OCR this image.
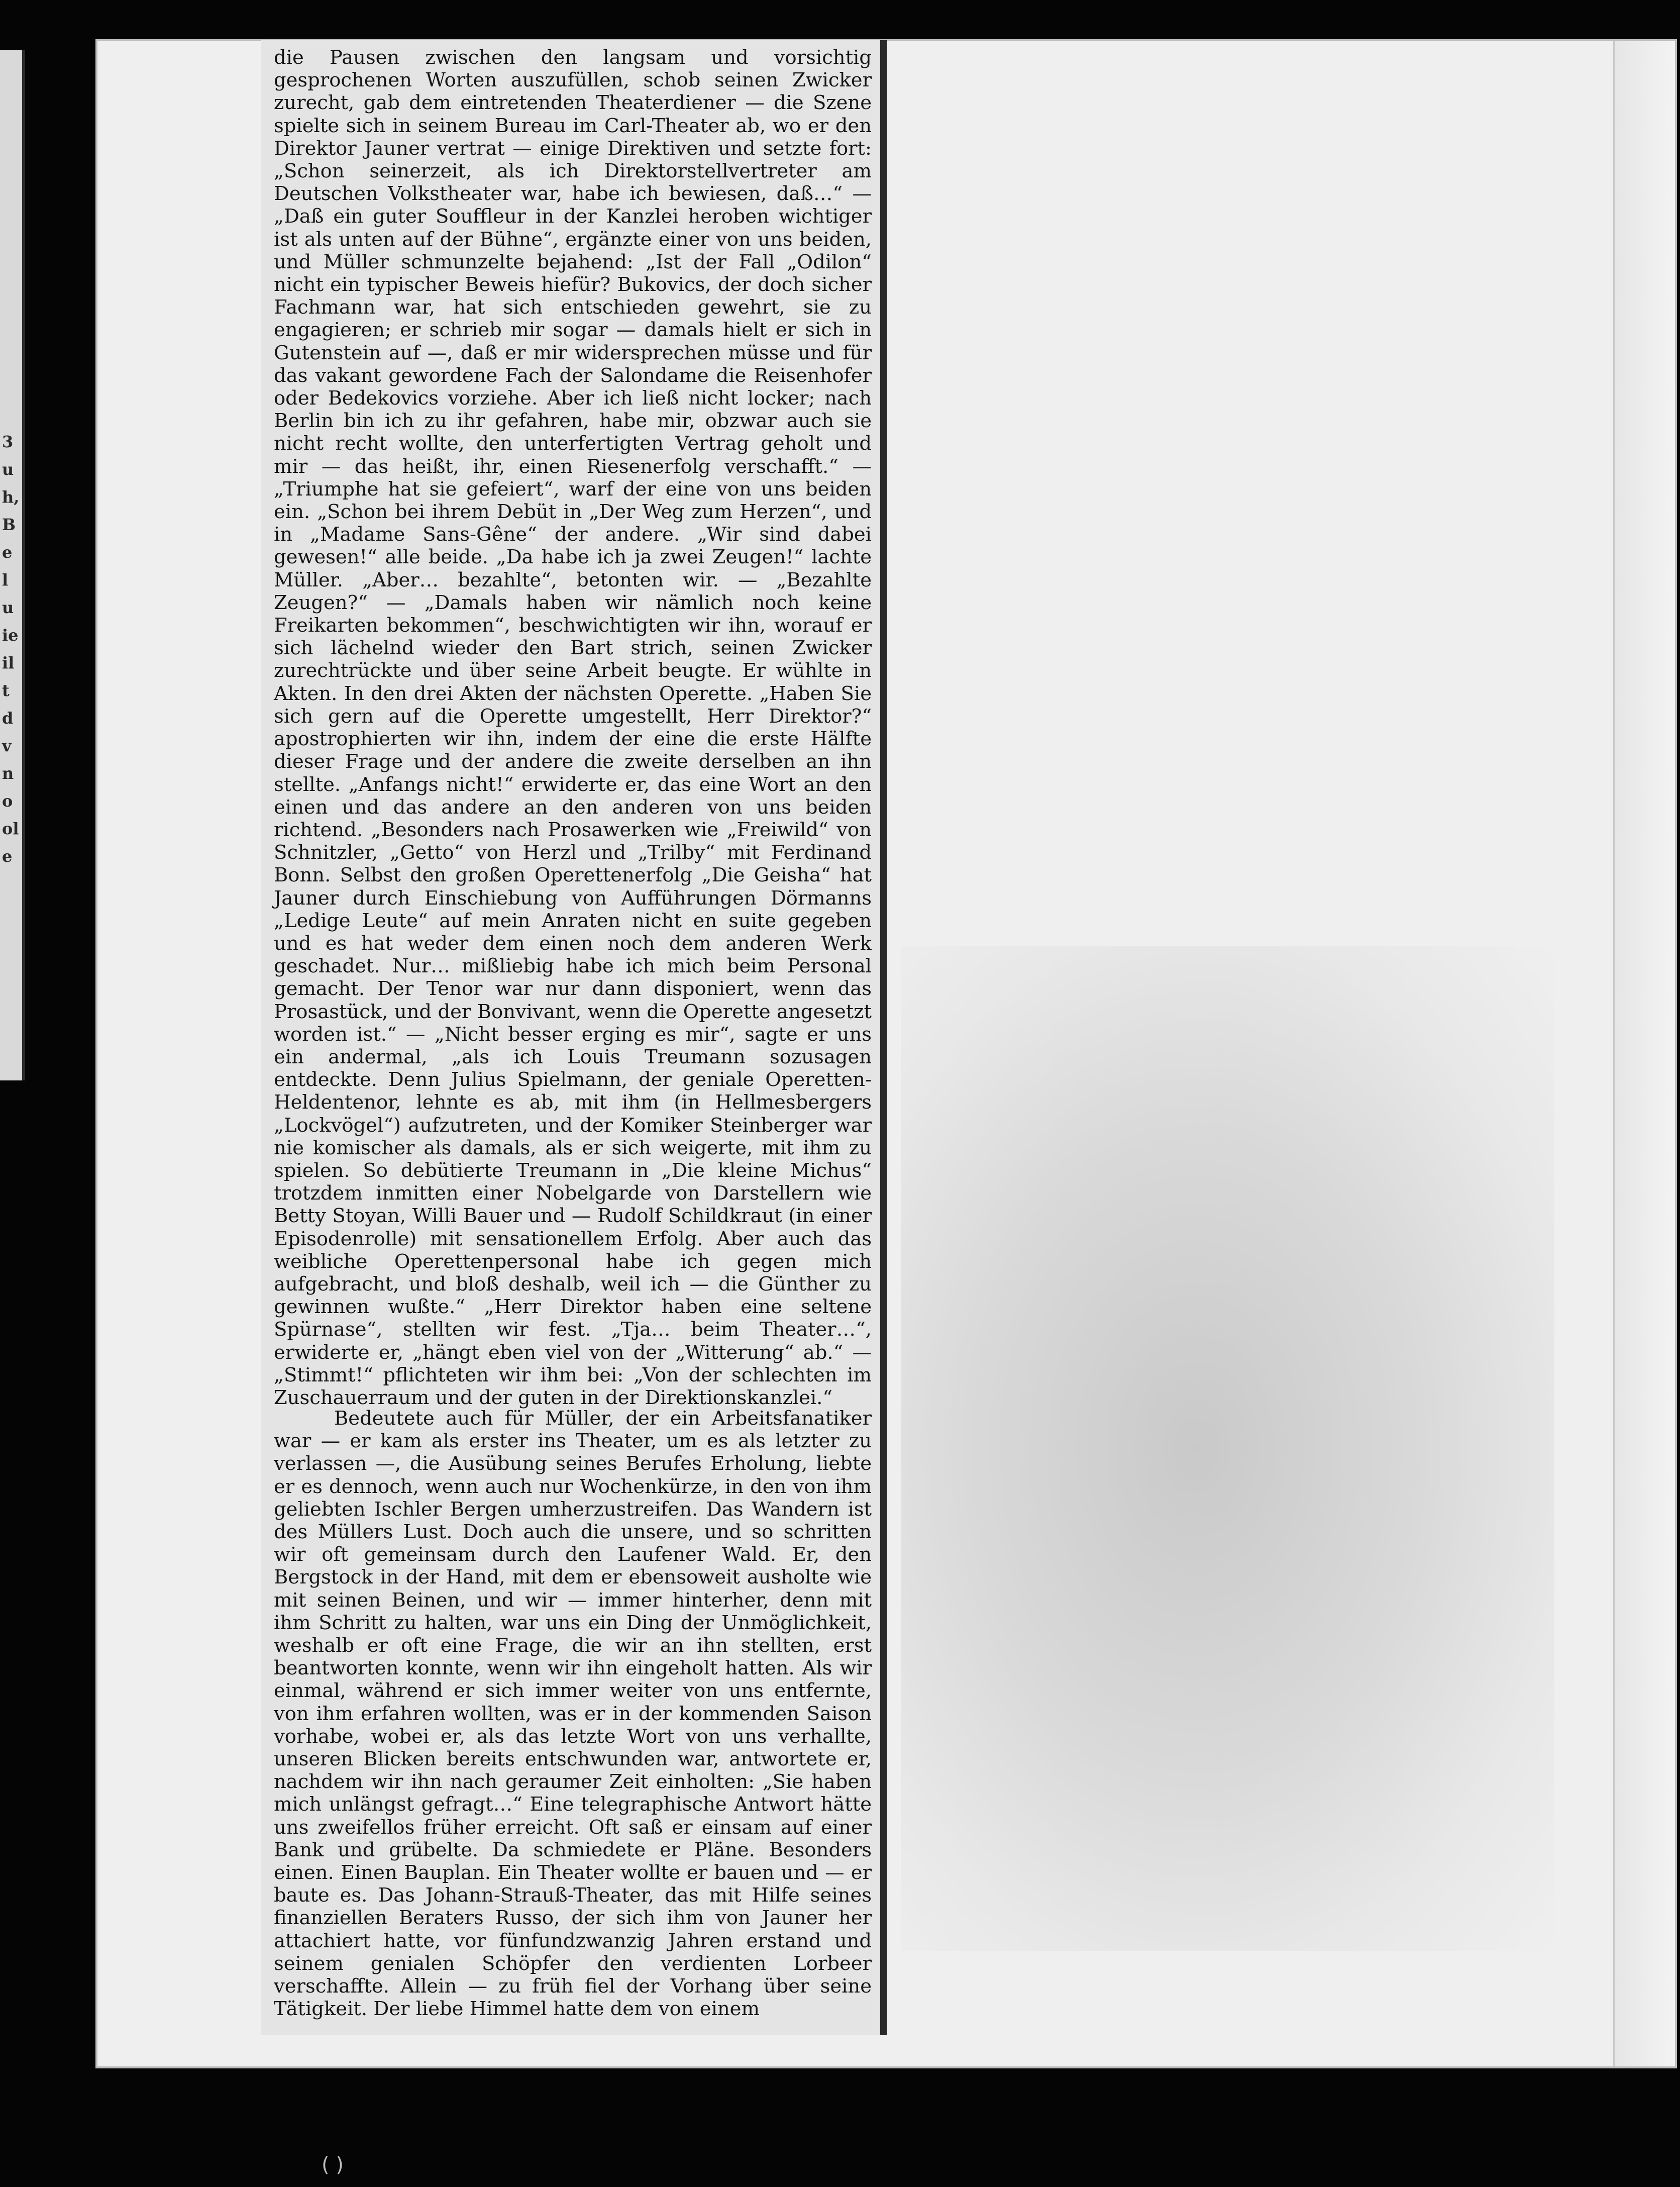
3
u
h,
B
e
l
u
ie
il
t
d
v
n
o
ol
e

die Pausen zwischen den langsam und vorsichtig gesprochenen Worten auszufüllen, schob seinen Zwicker zurecht, gab dem eintretenden Theaterdiener — die Szene spielte sich in seinem Bureau im Carl-Theater ab, wo er den Direktor Jauner vertrat — einige Direktiven und setzte fort: „Schon seinerzeit, als ich Direktorstellvertreter am Deutschen Volkstheater war, habe ich bewiesen, daß…“ — „Daß ein guter Souffleur in der Kanzlei heroben wichtiger ist als unten auf der Bühne“, ergänzte einer von uns beiden, und Müller schmunzelte bejahend: „Ist der Fall „Odilon“ nicht ein typischer Beweis hiefür? Bukovics, der doch sicher Fachmann war, hat sich entschieden gewehrt, sie zu engagieren; er schrieb mir sogar — damals hielt er sich in Gutenstein auf —, daß er mir widersprechen müsse und für das vakant gewordene Fach der Salondame die Reisenhofer oder Bedekovics vorziehe. Aber ich ließ nicht locker; nach Berlin bin ich zu ihr gefahren, habe mir, obzwar auch sie nicht recht wollte, den unterfertigten Vertrag geholt und mir — das heißt, ihr, einen Riesenerfolg verschafft.“ — „Triumphe hat sie gefeiert“, warf der eine von uns beiden ein. „Schon bei ihrem Debüt in „Der Weg zum Herzen“, und in „Madame Sans-Gêne“ der andere. „Wir sind dabei gewesen!“ alle beide. „Da habe ich ja zwei Zeugen!“ lachte Müller. „Aber… bezahlte“, betonten wir. — „Bezahlte Zeugen?“ — „Damals haben wir nämlich noch keine Freikarten bekommen“, beschwichtigten wir ihn, worauf er sich lächelnd wieder den Bart strich, seinen Zwicker zurechtrückte und über seine Arbeit beugte. Er wühlte in Akten. In den drei Akten der nächsten Operette. „Haben Sie sich gern auf die Operette umgestellt, Herr Direktor?“ apostrophierten wir ihn, indem der eine die erste Hälfte dieser Frage und der andere die zweite derselben an ihn stellte. „Anfangs nicht!“ erwiderte er, das eine Wort an den einen und das andere an den anderen von uns beiden richtend. „Besonders nach Prosawerken wie „Freiwild“ von Schnitzler, „Getto“ von Herzl und „Trilby“ mit Ferdinand Bonn. Selbst den großen Operettenerfolg „Die Geisha“ hat Jauner durch Einschiebung von Aufführungen Dörmanns „Ledige Leute“ auf mein Anraten nicht en suite gegeben und es hat weder dem einen noch dem anderen Werk geschadet. Nur… mißliebig habe ich mich beim Personal gemacht. Der Tenor war nur dann disponiert, wenn das Prosastück, und der Bonvivant, wenn die Operette angesetzt worden ist.“ — „Nicht besser erging es mir“, sagte er uns ein andermal, „als ich Louis Treumann sozusagen entdeckte. Denn Julius Spielmann, der geniale Operetten-Heldentenor, lehnte es ab, mit ihm (in Hellmesbergers „Lockvögel“) aufzutreten, und der Komiker Steinberger war nie komischer als damals, als er sich weigerte, mit ihm zu spielen. So debütierte Treumann in „Die kleine Michus“ trotzdem inmitten einer Nobelgarde von Darstellern wie Betty Stoyan, Willi Bauer und — Rudolf Schildkraut (in einer Episodenrolle) mit sensationellem Erfolg. Aber auch das weibliche Operettenpersonal habe ich gegen mich aufgebracht, und bloß deshalb, weil ich — die Günther zu gewinnen wußte.“ „Herr Direktor haben eine seltene Spürnase“, stellten wir fest. „Tja… beim Theater…“, erwiderte er, „hängt eben viel von der „Witterung“ ab.“ — „Stimmt!“ pflichteten wir ihm bei: „Von der schlechten im Zuschauerraum und der guten in der Direktionskanzlei.“

Bedeutete auch für Müller, der ein Arbeitsfanatiker war — er kam als erster ins Theater, um es als letzter zu verlassen —, die Ausübung seines Berufes Erholung, liebte er es dennoch, wenn auch nur Wochenkürze, in den von ihm geliebten Ischler Bergen umherzustreifen. Das Wandern ist des Müllers Lust. Doch auch die unsere, und so schritten wir oft gemeinsam durch den Laufener Wald. Er, den Bergstock in der Hand, mit dem er ebensoweit ausholte wie mit seinen Beinen, und wir — immer hinterher, denn mit ihm Schritt zu halten, war uns ein Ding der Unmöglichkeit, weshalb er oft eine Frage, die wir an ihn stellten, erst beantworten konnte, wenn wir ihn eingeholt hatten. Als wir einmal, während er sich immer weiter von uns entfernte, von ihm erfahren wollten, was er in der kommenden Saison vorhabe, wobei er, als das letzte Wort von uns verhallte, unseren Blicken bereits entschwunden war, antwortete er, nachdem wir ihn nach geraumer Zeit einholten: „Sie haben mich unlängst gefragt…“ Eine telegraphische Antwort hätte uns zweifellos früher erreicht. Oft saß er einsam auf einer Bank und grübelte. Da schmiedete er Pläne. Besonders einen. Einen Bauplan. Ein Theater wollte er bauen und — er baute es. Das Johann-Strauß-Theater, das mit Hilfe seines finanziellen Beraters Russo, der sich ihm von Jauner her attachiert hatte, vor fünfundzwanzig Jahren erstand und seinem genialen Schöpfer den verdienten Lorbeer verschaffte. Allein — zu früh fiel der Vorhang über seine Tätigkeit. Der liebe Himmel hatte dem von einem

( )
